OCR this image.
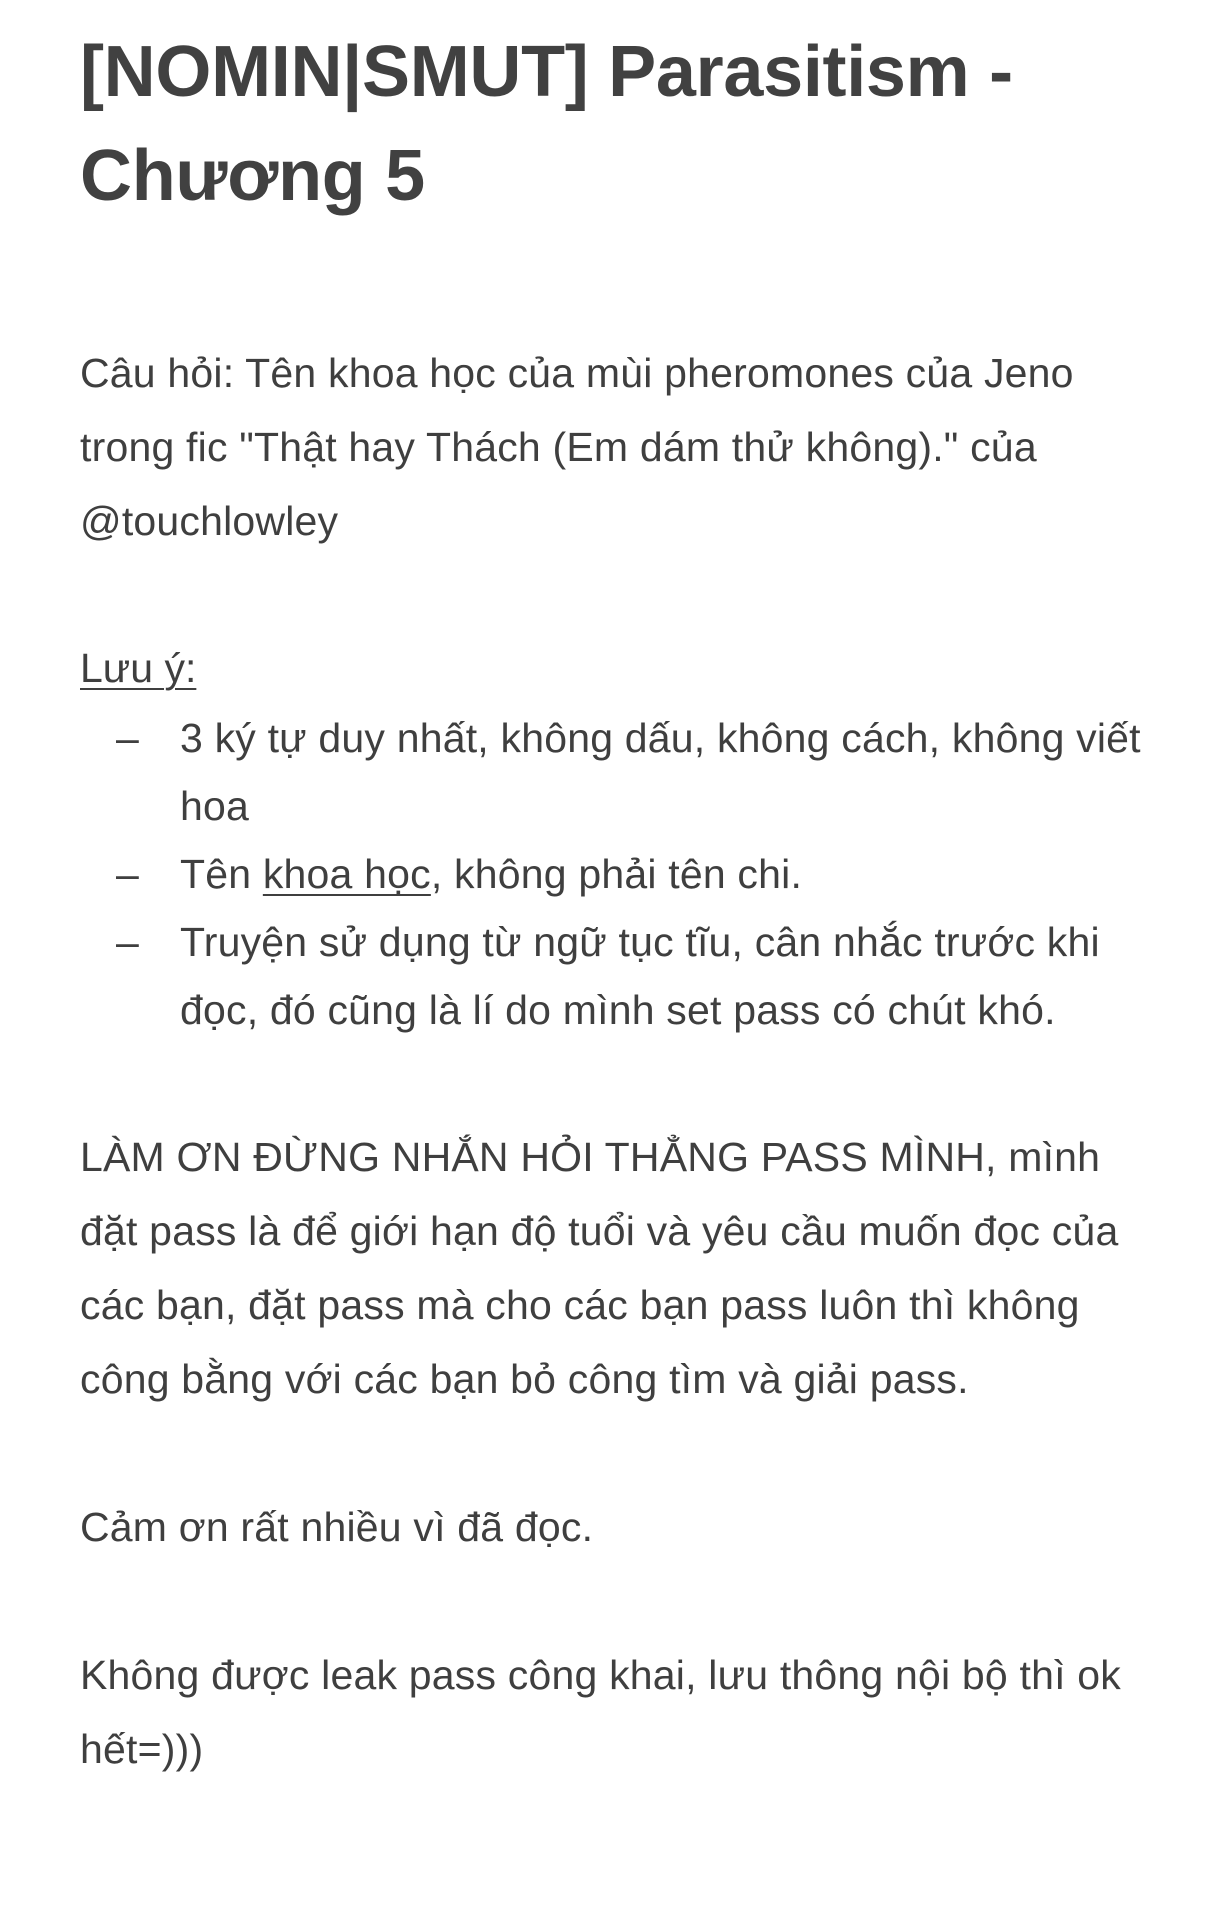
[NOMIN|SMUT] Parasitism - Chương 5

Câu hỏi: Tên khoa học của mùi pheromones của Jeno trong fic "Thật hay Thách (Em dám thử không)." của @touchlowley

Lưu ý:
– 3 ký tự duy nhất, không dấu, không cách, không viết hoa
– Tên khoa học, không phải tên chi.
– Truyện sử dụng từ ngữ tục tĩu, cân nhắc trước khi đọc, đó cũng là lí do mình set pass có chút khó.

LÀM ƠN ĐỪNG NHẮN HỎI THẲNG PASS MÌNH, mình đặt pass là để giới hạn độ tuổi và yêu cầu muốn đọc của các bạn, đặt pass mà cho các bạn pass luôn thì không công bằng với các bạn bỏ công tìm và giải pass.

Cảm ơn rất nhiều vì đã đọc.

Không được leak pass công khai, lưu thông nội bộ thì ok hết=)))
